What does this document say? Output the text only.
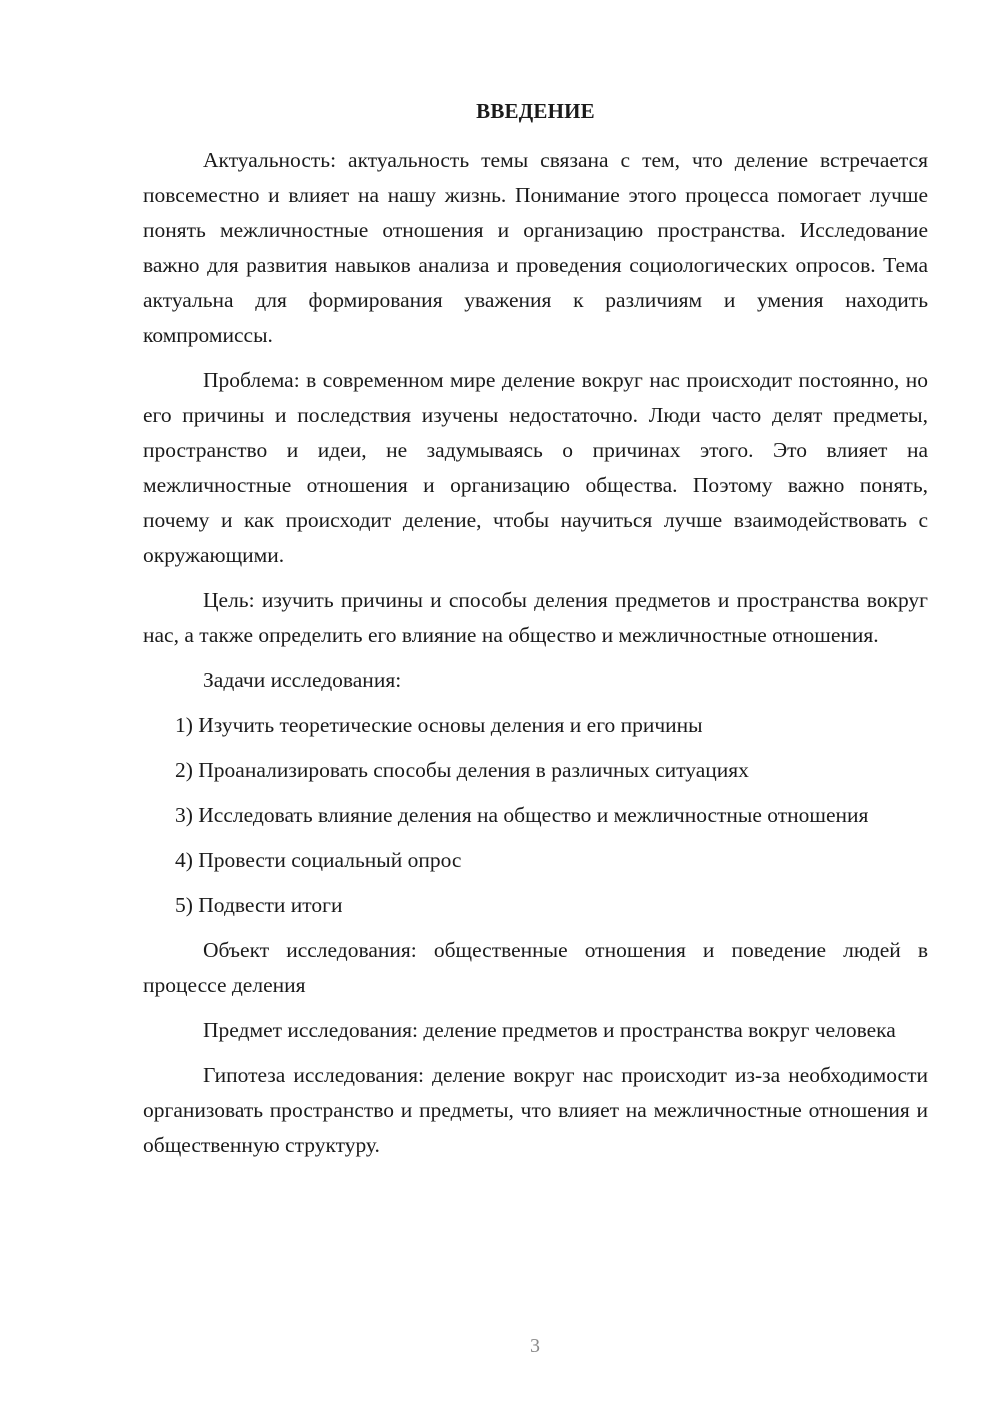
ВВЕДЕНИЕ

Актуальность: актуальность темы связана с тем, что деление встречается повсеместно и влияет на нашу жизнь. Понимание этого процесса помогает лучше понять межличностные отношения и организацию пространства. Исследование важно для развития навыков анализа и проведения социологических опросов. Тема актуальна для формирования уважения к различиям и умения находить компромиссы.

Проблема: в современном мире деление вокруг нас происходит постоянно, но его причины и последствия изучены недостаточно. Люди часто делят предметы, пространство и идеи, не задумываясь о причинах этого. Это влияет на межличностные отношения и организацию общества. Поэтому важно понять, почему и как происходит деление, чтобы научиться лучше взаимодействовать с окружающими.

Цель: изучить причины и способы деления предметов и пространства вокруг нас, а также определить его влияние на общество и межличностные отношения.

Задачи исследования:

1) Изучить теоретические основы деления и его причины

2) Проанализировать способы деления в различных ситуациях

3) Исследовать влияние деления на общество и межличностные отношения

4) Провести социальный опрос

5) Подвести итоги

Объект исследования: общественные отношения и поведение людей в процессе деления

Предмет исследования: деление предметов и пространства вокруг человека

Гипотеза исследования: деление вокруг нас происходит из-за необходимости организовать пространство и предметы, что влияет на межличностные отношения и общественную структуру.

3
